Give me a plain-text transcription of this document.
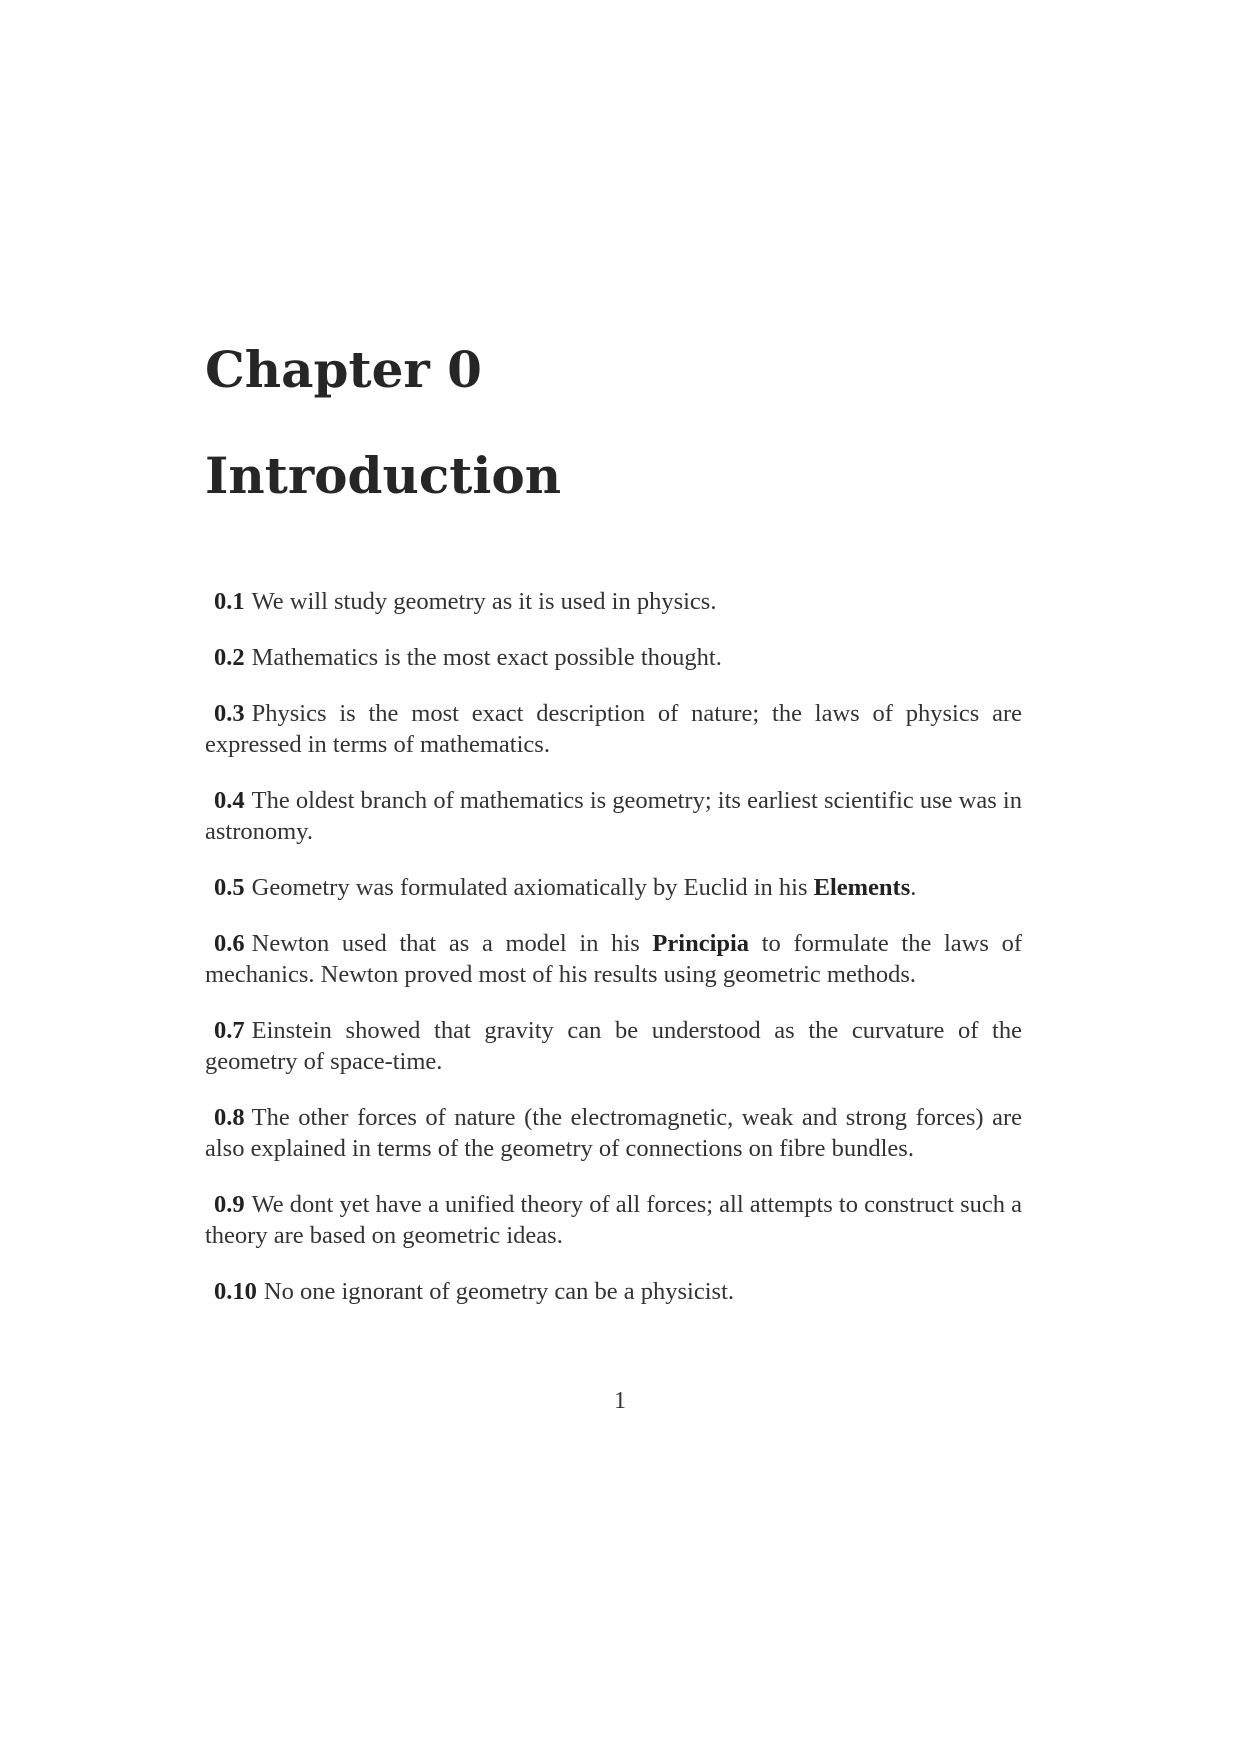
Chapter 0
Introduction
0.1 We will study geometry as it is used in physics.
0.2 Mathematics is the most exact possible thought.
0.3 Physics is the most exact description of nature; the laws of physics are expressed in terms of mathematics.
0.4 The oldest branch of mathematics is geometry; its earliest scientific use was in astronomy.
0.5 Geometry was formulated axiomatically by Euclid in his Elements.
0.6 Newton used that as a model in his Principia to formulate the laws of mechanics. Newton proved most of his results using geometric methods.
0.7 Einstein showed that gravity can be understood as the curvature of the geometry of space-time.
0.8 The other forces of nature (the electromagnetic, weak and strong forces) are also explained in terms of the geometry of connections on fibre bundles.
0.9 We dont yet have a unified theory of all forces; all attempts to construct such a theory are based on geometric ideas.
0.10 No one ignorant of geometry can be a physicist.
1
